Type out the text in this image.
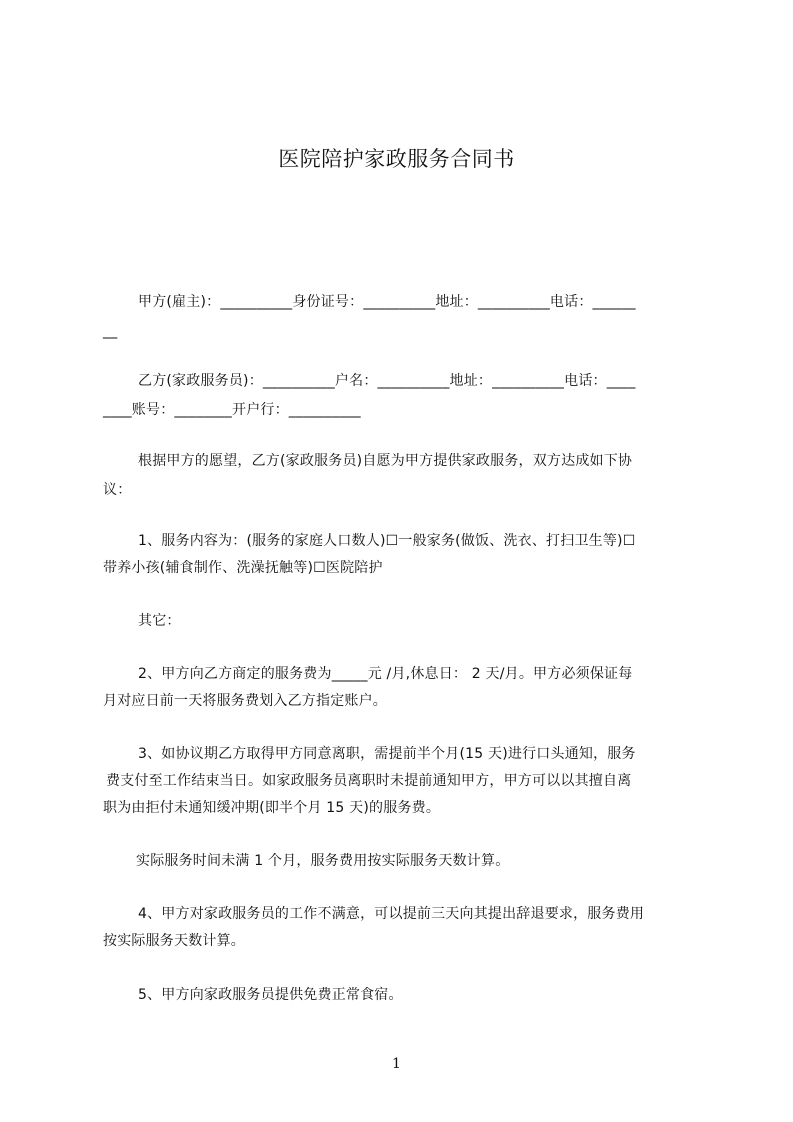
医院陪护家政服务合同书
甲方(雇主)：__________身份证号：__________地址：__________电话：______
__
乙方(家政服务员)：__________户名：__________地址：__________电话：____
____账号：________开户行：__________
根据甲方的愿望，乙方(家政服务员)自愿为甲方提供家政服务，双方达成如下协
议：
1、服务内容为：(服务的家庭人口数人)☐一般家务(做饭、洗衣、打扫卫生等)☐
带养小孩(辅食制作、洗澡抚触等)☐医院陪护
其它：
2、甲方向乙方商定的服务费为_____元 /月,休息日： 2 天/月。甲方必须保证每
月对应日前一天将服务费划入乙方指定账户。
3、如协议期乙方取得甲方同意离职，需提前半个月(15 天)进行口头通知，服务
费支付至工作结束当日。如家政服务员离职时未提前通知甲方，甲方可以以其擅自离
职为由拒付未通知缓冲期(即半个月 15 天)的服务费。
实际服务时间未满 1 个月，服务费用按实际服务天数计算。
4、甲方对家政服务员的工作不满意，可以提前三天向其提出辞退要求，服务费用
按实际服务天数计算。
5、甲方向家政服务员提供免费正常食宿。
1
